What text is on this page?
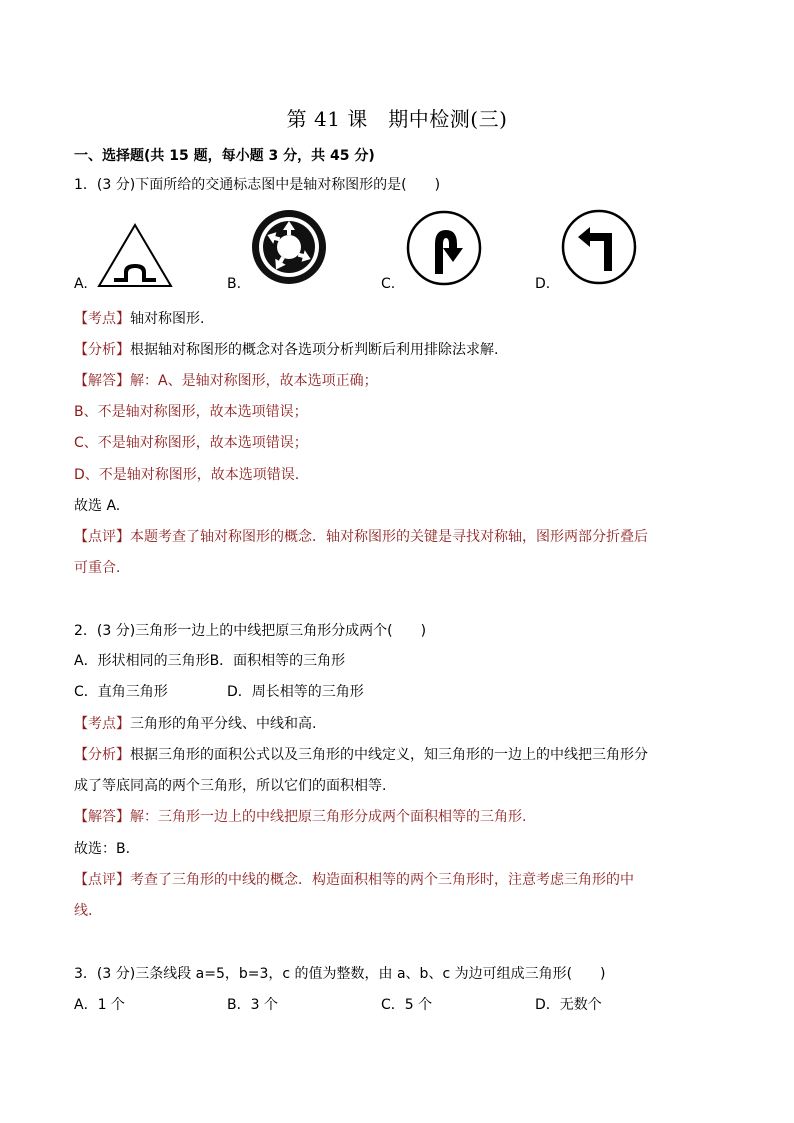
第 41 课　期中检测(三)
一、选择题(共 15 题，每小题 3 分，共 45 分)
1．(3 分)下面所给的交通标志图中是轴对称图形的是(　　)
A.	B.	C.	D.
【考点】轴对称图形.
【分析】根据轴对称图形的概念对各选项分析判断后利用排除法求解.
【解答】解：A、是轴对称图形，故本选项正确；
B、不是轴对称图形，故本选项错误；
C、不是轴对称图形，故本选项错误；
D、不是轴对称图形，故本选项错误.
故选 A.
【点评】本题考查了轴对称图形的概念．轴对称图形的关键是寻找对称轴，图形两部分折叠后
可重合.
2．(3 分)三角形一边上的中线把原三角形分成两个(　　)
A．形状相同的三角形B．面积相等的三角形
C．直角三角形	D．周长相等的三角形
【考点】三角形的角平分线、中线和高.
【分析】根据三角形的面积公式以及三角形的中线定义，知三角形的一边上的中线把三角形分
成了等底同高的两个三角形，所以它们的面积相等.
【解答】解：三角形一边上的中线把原三角形分成两个面积相等的三角形.
故选：B.
【点评】考查了三角形的中线的概念．构造面积相等的两个三角形时，注意考虑三角形的中
线.
3．(3 分)三条线段 a=5，b=3，c 的值为整数，由 a、b、c 为边可组成三角形(　　)
A．1 个	B．3 个	C．5 个	D．无数个
